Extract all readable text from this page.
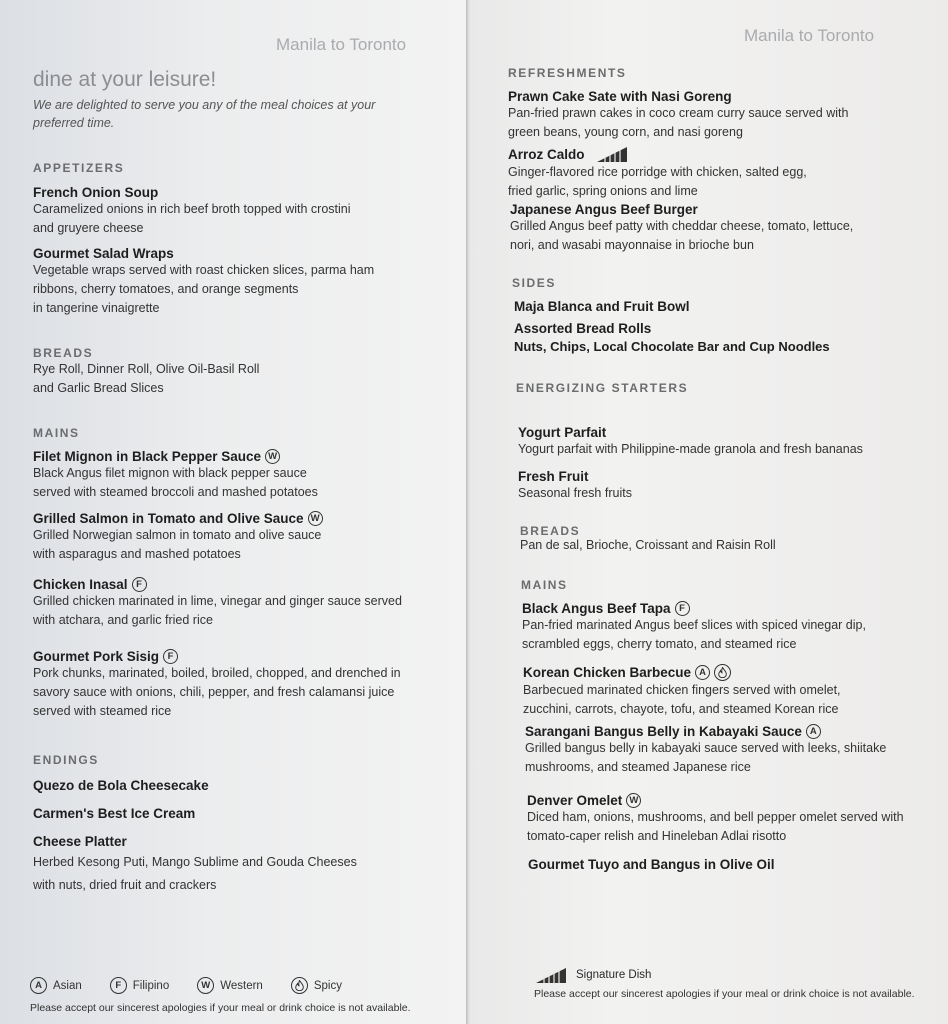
Manila to Toronto
dine at your leisure!
We are delighted to serve you any of the meal choices at your preferred time.
APPETIZERS
French Onion Soup
Caramelized onions in rich beef broth topped with crostini
and gruyere cheese
Gourmet Salad Wraps
Vegetable wraps served with roast chicken slices, parma ham
ribbons, cherry tomatoes, and orange segments
in tangerine vinaigrette
BREADS
Rye Roll, Dinner Roll, Olive Oil-Basil Roll
and Garlic Bread Slices
MAINS
Filet Mignon in Black Pepper Sauce W
Black Angus filet mignon with black pepper sauce
served with steamed broccoli and mashed potatoes
Grilled Salmon in Tomato and Olive Sauce W
Grilled Norwegian salmon in tomato and olive sauce
with asparagus and mashed potatoes
Chicken Inasal F
Grilled chicken marinated in lime, vinegar and ginger sauce served
with atchara, and garlic fried rice
Gourmet Pork Sisig F
Pork chunks, marinated, boiled, broiled, chopped, and drenched in
savory sauce with onions, chili, pepper, and fresh calamansi juice
served with steamed rice
ENDINGS
Quezo de Bola Cheesecake
Carmen's Best Ice Cream
Cheese Platter
Herbed Kesong Puti, Mango Sublime and Gouda Cheeses
with nuts, dried fruit and crackers
A Asian	F	Filipino	W Western	Spicy
Please accept our sincerest apologies if your meal or drink choice is not available.
Manila to Toronto
REFRESHMENTS
Prawn Cake Sate with Nasi Goreng
Pan-fried prawn cakes in coco cream curry sauce served with
green beans, young corn, and nasi goreng
Arroz Caldo
Ginger-flavored rice porridge with chicken, salted egg,
fried garlic, spring onions and lime
Japanese Angus Beef Burger
Grilled Angus beef patty with cheddar cheese, tomato, lettuce,
nori, and wasabi mayonnaise in brioche bun
SIDES
Maja Blanca and Fruit Bowl
Assorted Bread Rolls
Nuts, Chips, Local Chocolate Bar and Cup Noodles
ENERGIZING STARTERS
Yogurt Parfait
Yogurt parfait with Philippine-made granola and fresh bananas
Fresh Fruit
Seasonal fresh fruits
BREADS
Pan de sal, Brioche, Croissant and Raisin Roll
MAINS
Black Angus Beef Tapa F
Pan-fried marinated Angus beef slices with spiced vinegar dip,
scrambled eggs, cherry tomato, and steamed rice
Korean Chicken Barbecue A
Barbecued marinated chicken fingers served with omelet,
zucchini, carrots, chayote, tofu, and steamed Korean rice
Sarangani Bangus Belly in Kabayaki Sauce A
Grilled bangus belly in kabayaki sauce served with leeks, shiitake
mushrooms, and steamed Japanese rice
Denver Omelet W
Diced ham, onions, mushrooms, and bell pepper omelet served with
tomato-caper relish and Hineleban Adlai risotto
Gourmet Tuyo and Bangus in Olive Oil
Signature Dish
Please accept our sincerest apologies if your meal or drink choice is not available.
